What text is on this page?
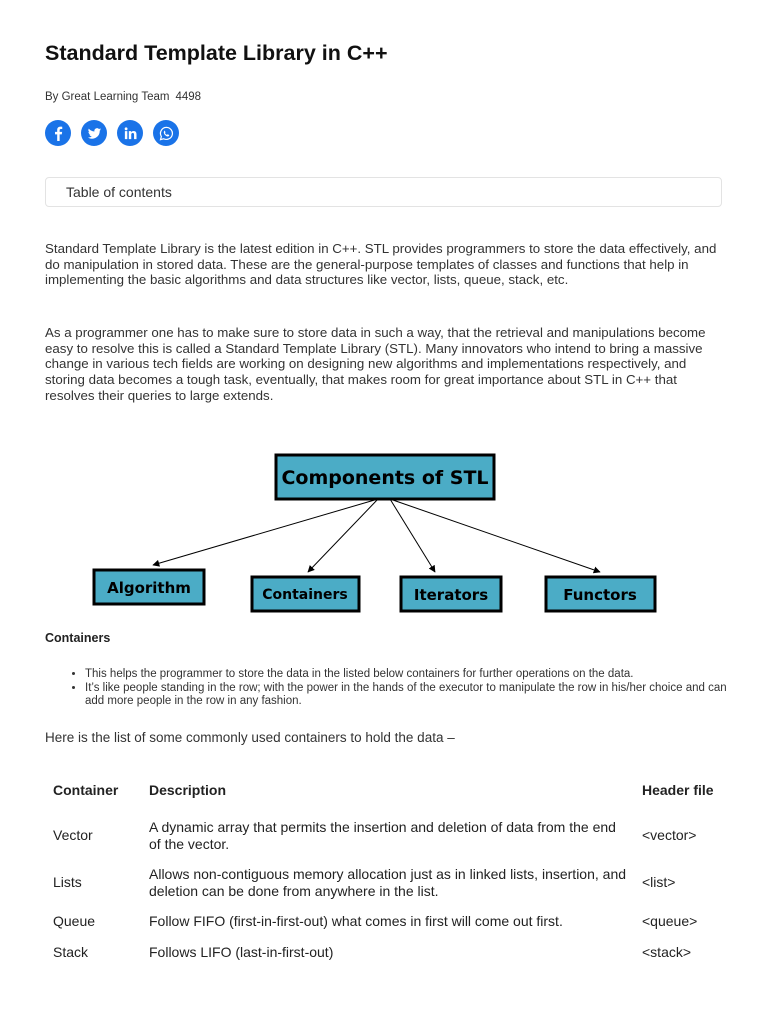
Standard Template Library in C++
By Great Learning Team 4498
Table of contents

Standard Template Library is the latest edition in C++. STL provides programmers to store the data effectively, and do manipulation in stored data. These are the general-purpose templates of classes and functions that help in implementing the basic algorithms and data structures like vector, lists, queue, stack, etc.

As a programmer one has to make sure to store data in such a way, that the retrieval and manipulations become easy to resolve this is called a Standard Template Library (STL). Many innovators who intend to bring a massive change in various tech fields are working on designing new algorithms and implementations respectively, and storing data becomes a tough task, eventually, that makes room for great importance about STL in C++ that resolves their queries to large extends.

Components of STL
Algorithm	Containers	Iterators	Functors
Containers
• This helps the programmer to store the data in the listed below containers for further operations on the data.
• It’s like people standing in the row; with the power in the hands of the executor to manipulate the row in his/her choice and can add more people in the row in any fashion.

Here is the list of some commonly used containers to hold the data –

Container	Description	Header file
Vector	A dynamic array that permits the insertion and deletion of data from the end of the vector.	<vector>
Lists	Allows non-contiguous memory allocation just as in linked lists, insertion, and deletion can be done from anywhere in the list.	<list>
Queue	Follow FIFO (first-in-first-out) what comes in first will come out first.	<queue>
Stack	Follows LIFO (last-in-first-out)	<stack>
